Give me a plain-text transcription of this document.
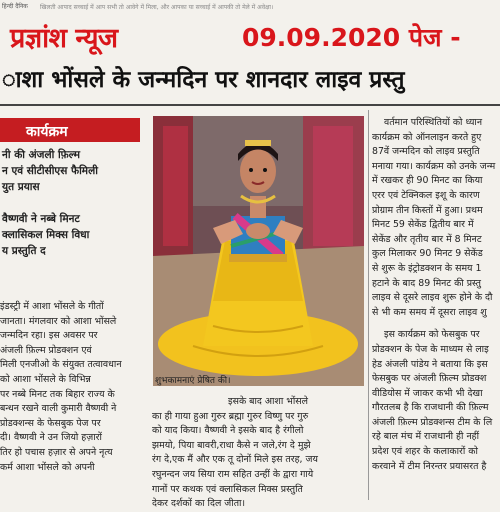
हिन्दी दैनिक खिलती आपाद सच्चाई में आप सभी तो आवेगे में मिला, और आपका या सच्चाई में आपकी तो मेले में अवेक्षा।
प्रज्ञांश न्यूज	09.09.2020 पेज -
ाशा भोंसले के जन्मदिन पर शानदार लाइव प्रस्तु
कार्यक्रम
नी की अंजली फ़िल्म
न एवं सीटीसीएस फैमिली
युत प्रयास
वैष्णवी ने नब्बे मिनट
क्लासिकल मिक्स विधा
य प्रस्तुति द

इंडस्ट्री में आशा भोंसले के गीतों

जानता। मंगलवार को आशा भोंसले

जन्मदिन रहा। इस अवसर पर

अंजली फ़िल्म प्रोडक्शन एवं

मिली एनजीओ के संयुक्त तत्वावधान

को आशा भोंसले के विभिन्न

पर नब्बे मिनट तक बिहार राज्य के

बन्धन रखने वाली कुमारी वैष्णवी ने

प्रोडक्शन्स के फेसबुक पेज पर

दी। वैष्णवी ने उन जियो हज़ारों

तिर हो पचास हज़ार से अपने नृत्य

कर्म आशा भोंसले को अपनी

शुभकामनाएं प्रेषित की।

इसके बाद आशा भोंसले

का ही गाया हुआ गुरुर ब्रह्मा गुरुर विष्णु पर गुरु

को याद किया। वैष्णवी ने इसके बाद है रंगीलो

झमयो, पिया बावरी,राधा कैसे न जले,रंग दे मुझे

रंग दे,एक मैं और एक तू दोनों मिले इस तरह, जय

रघुनन्दन जय सिया राम सहित उन्हीं के द्वारा गाये

गानों पर कथक एवं क्लासिकल मिक्स प्रस्तुति

देकर दर्शकों का दिल जीता।

वर्तमान परिस्थितियों को ध्यान

कार्यक्रम को ऑनलाइन करते हुए

87वें जन्मदिन को लाइव प्रस्तुति

मनाया गया। कार्यक्रम को उनके जन्म

में रखकर ही 90 मिनट का किया

एरर एवं टेक्निकल इशू के कारण

प्रोग्राम तीन किस्तों में हुआ। प्रथम

मिनट 59 सेकेंड द्वितीय बार में

सेकेंड और तृतीय बार में 8 मिनट

कुल मिलाकर 90 मिनट 9 सेकेंड

से शुरू के इंट्रोडक्शन के समय 1

हटाने के बाद 89 मिनट की प्रस्तु

लाइव से दूसरे लाइव शुरू होने के दौ

से भी कम समय में दूसरा लाइव शु

इस कार्यक्रम को फेसबुक पर

प्रोडक्शन के पेज के माध्यम से लाइ

हेड अंजली पांडेय ने बताया कि इस

फेसबुक पर अंजली फ़िल्म प्रोडक्श

वीडियोस में जाकर कभी भी देखा

गौरतलब है कि राजधानी की फ़िल्म

अंजली फ़िल्म प्रोडक्शन्स टीम के लि

रहे बाल मंच में राजधानी ही नहीं

प्रदेश एवं शहर के कलाकारों को

करवाने में टीम निरन्तर प्रयासरत है
